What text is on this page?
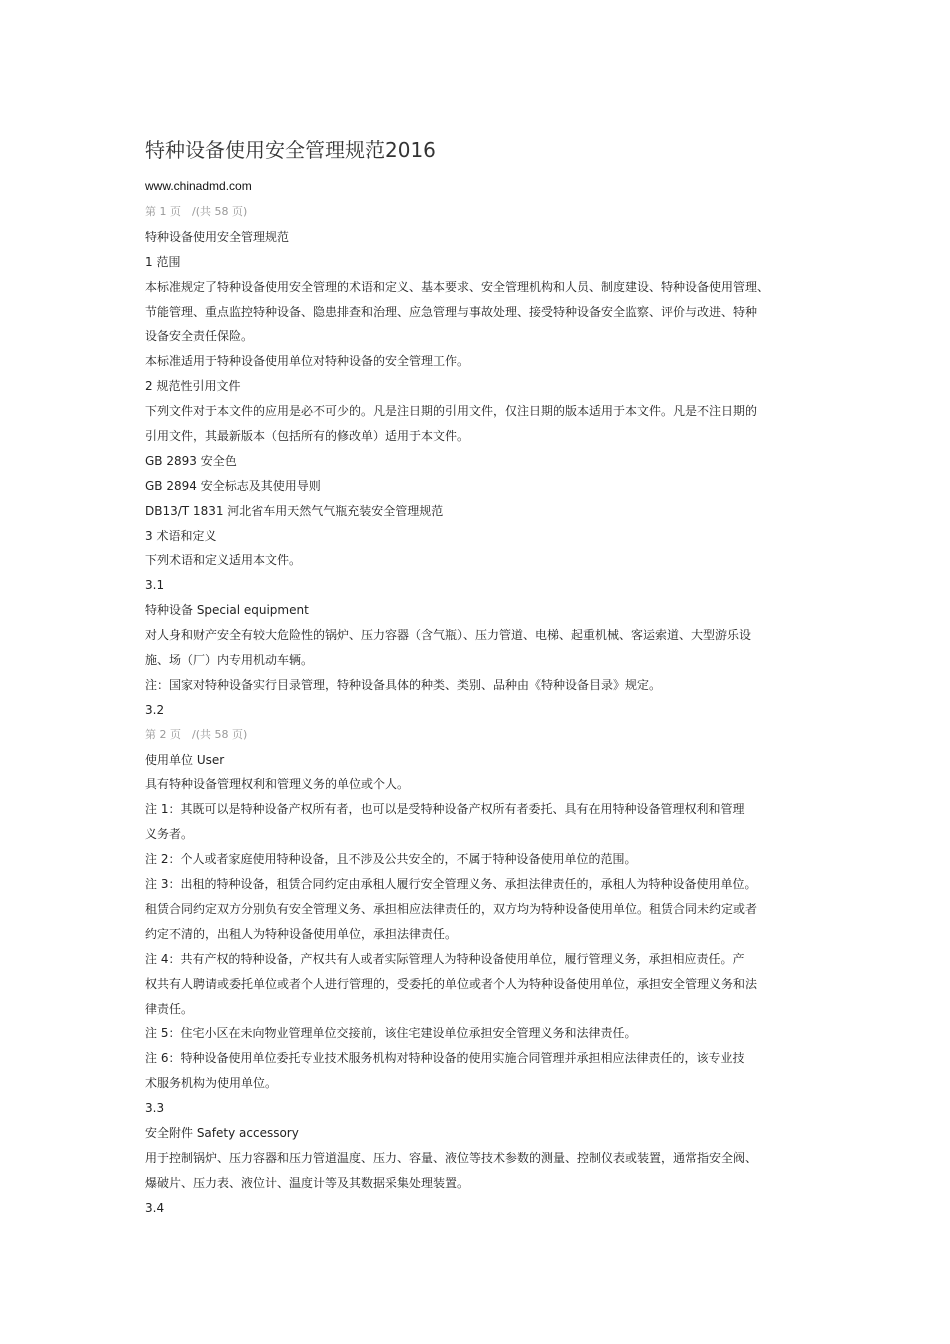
特种设备使用安全管理规范2016
www.chinadmd.com
第 1 页　/(共 58 页)
特种设备使用安全管理规范
1 范围
本标准规定了特种设备使用安全管理的术语和定义、基本要求、安全管理机构和人员、制度建设、特种设备使用管理、
节能管理、重点监控特种设备、隐患排查和治理、应急管理与事故处理、接受特种设备安全监察、评价与改进、特种
设备安全责任保险。
本标准适用于特种设备使用单位对特种设备的安全管理工作。
2 规范性引用文件
下列文件对于本文件的应用是必不可少的。凡是注日期的引用文件，仅注日期的版本适用于本文件。凡是不注日期的
引用文件，其最新版本（包括所有的修改单）适用于本文件。
GB 2893 安全色
GB 2894 安全标志及其使用导则
DB13/T 1831 河北省车用天然气气瓶充装安全管理规范
3 术语和定义
下列术语和定义适用本文件。
3.1
特种设备 Special equipment
对人身和财产安全有较大危险性的锅炉、压力容器（含气瓶）、压力管道、电梯、起重机械、客运索道、大型游乐设
施、场（厂）内专用机动车辆。
注：国家对特种设备实行目录管理，特种设备具体的种类、类别、品种由《特种设备目录》规定。
3.2
第 2 页　/(共 58 页)
使用单位 User
具有特种设备管理权利和管理义务的单位或个人。
注 1：其既可以是特种设备产权所有者，也可以是受特种设备产权所有者委托、具有在用特种设备管理权利和管理
义务者。
注 2：个人或者家庭使用特种设备，且不涉及公共安全的，不属于特种设备使用单位的范围。
注 3：出租的特种设备，租赁合同约定由承租人履行安全管理义务、承担法律责任的，承租人为特种设备使用单位。
租赁合同约定双方分别负有安全管理义务、承担相应法律责任的，双方均为特种设备使用单位。租赁合同未约定或者
约定不清的，出租人为特种设备使用单位，承担法律责任。
注 4：共有产权的特种设备，产权共有人或者实际管理人为特种设备使用单位，履行管理义务，承担相应责任。产
权共有人聘请或委托单位或者个人进行管理的，受委托的单位或者个人为特种设备使用单位，承担安全管理义务和法
律责任。
注 5：住宅小区在未向物业管理单位交接前，该住宅建设单位承担安全管理义务和法律责任。
注 6：特种设备使用单位委托专业技术服务机构对特种设备的使用实施合同管理并承担相应法律责任的，该专业技
术服务机构为使用单位。
3.3
安全附件 Safety accessory
用于控制锅炉、压力容器和压力管道温度、压力、容量、液位等技术参数的测量、控制仪表或装置，通常指安全阀、
爆破片、压力表、液位计、温度计等及其数据采集处理装置。
3.4
